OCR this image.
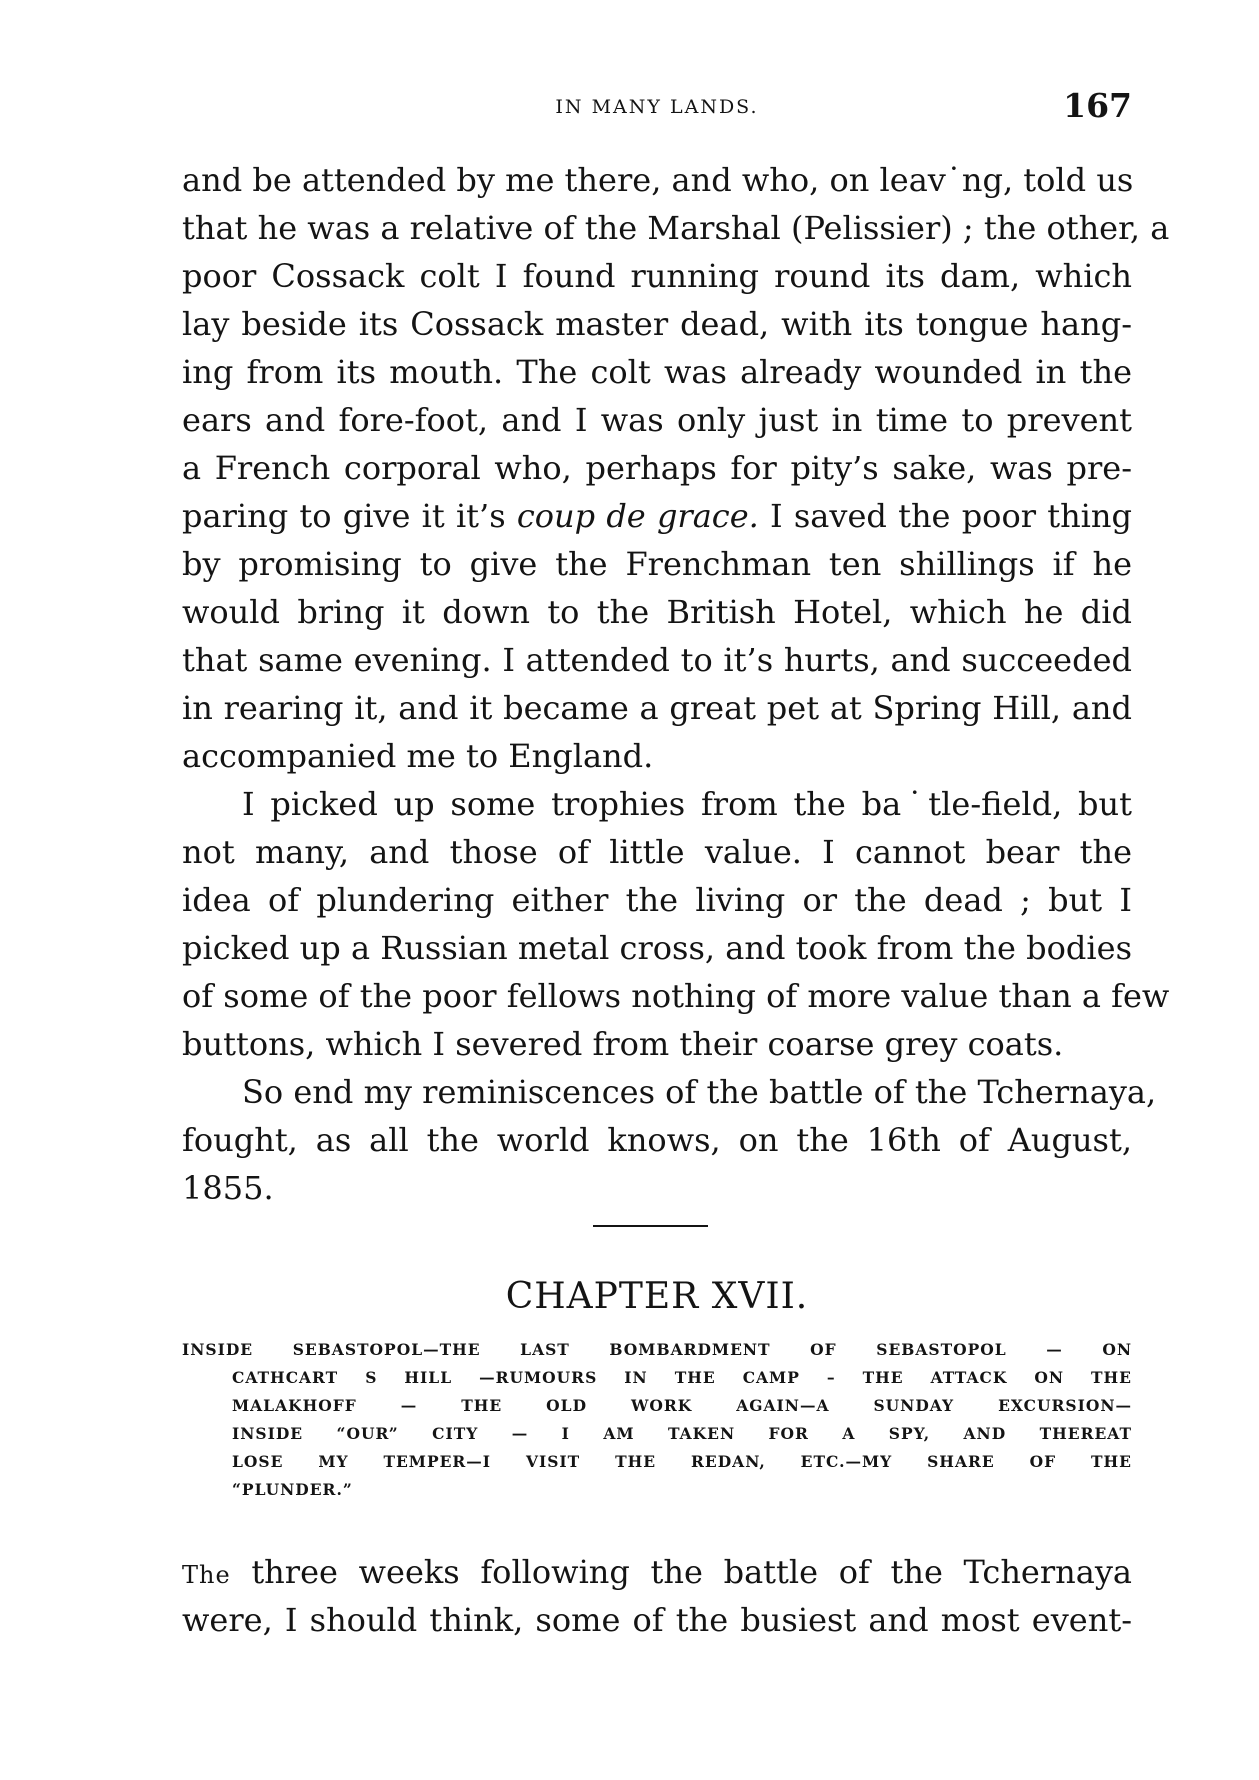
IN MANY LANDS.	167
and be attended by me there, and who, on leav˙ng, told us
that he was a relative of the Marshal (Pelissier) ; the other, a
poor Cossack colt I found running round its dam, which
lay beside its Cossack master dead, with its tongue hang-
ing from its mouth. The colt was already wounded in the
ears and fore-foot, and I was only just in time to prevent
a French corporal who, perhaps for pity’s sake, was pre-
paring to give it it’s coup de grace. I saved the poor thing
by promising to give the Frenchman ten shillings if he
would bring it down to the British Hotel, which he did
that same evening. I attended to it’s hurts, and succeeded
in rearing it, and it became a great pet at Spring Hill, and
accompanied me to England.
I picked up some trophies from the ba˙tle-field, but
not many, and those of little value. I cannot bear the
idea of plundering either the living or the dead ; but I
picked up a Russian metal cross, and took from the bodies
of some of the poor fellows nothing of more value than a few
buttons, which I severed from their coarse grey coats.
So end my reminiscences of the battle of the Tchernaya,
fought, as all the world knows, on the 16th of August,
1855.
CHAPTER XVII.
INSIDE SEBASTOPOL—THE LAST BOMBARDMENT OF SEBASTOPOL — ON
CATHCART S HILL —RUMOURS IN THE CAMP – THE ATTACK ON THE
MALAKHOFF — THE OLD WORK AGAIN—A SUNDAY EXCURSION—
INSIDE “OUR” CITY — I AM TAKEN FOR A SPY, AND THEREAT
LOSE MY TEMPER—I VISIT THE REDAN, ETC.—MY SHARE OF THE
“PLUNDER.”
The three weeks following the battle of the Tchernaya
were, I should think, some of the busiest and most event-
